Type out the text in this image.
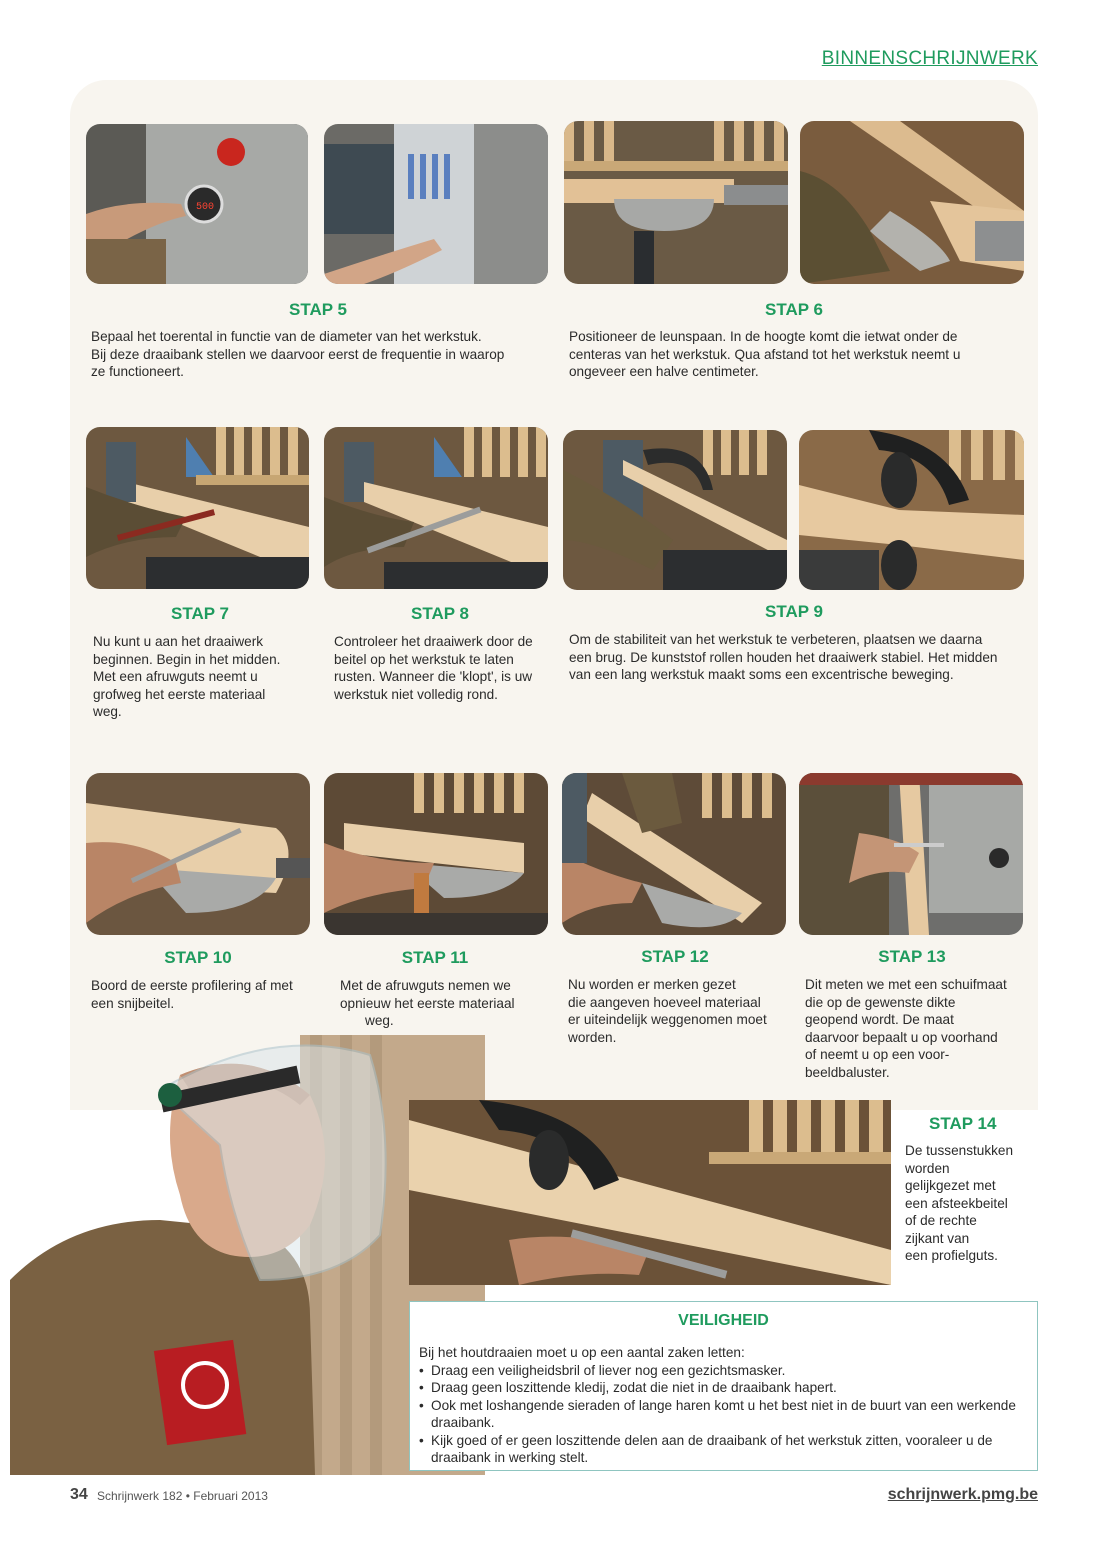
BINNENSCHRIJNWERK
500
STAP 5

Bepaal het toerental in functie van de diameter van het werkstuk.

Bij deze draaibank stellen we daarvoor eerst de frequentie in waarop

ze functioneert.

STAP 6

Positioneer de leunspaan. In de hoogte komt die ietwat onder de

centeras van het werkstuk. Qua afstand tot het werkstuk neemt u

ongeveer een halve centimeter.

STAP 7

Nu kunt u aan het draaiwerk

beginnen. Begin in het midden.

Met een afruwguts neemt u

grofweg het eerste materiaal

weg.

STAP 8

Controleer het draaiwerk door de

beitel op het werkstuk te laten

rusten. Wanneer die 'klopt', is uw

werkstuk niet volledig rond.

STAP 9

Om de stabiliteit van het werkstuk te verbeteren, plaatsen we daarna

een brug. De kunststof rollen houden het draaiwerk stabiel. Het midden

van een lang werkstuk maakt soms een excentrische beweging.

STAP 10

Boord de eerste profilering af met

een snijbeitel.

STAP 11

Met de afruwguts nemen we

opnieuw het eerste materiaal

weg.

STAP 12

Nu worden er merken gezet

die aangeven hoeveel materiaal

er uiteindelijk weggenomen moet

worden.

STAP 13

Dit meten we met een schuifmaat

die op de gewenste dikte

geopend wordt. De maat

daarvoor bepaalt u op voorhand

of neemt u op een voor-

beeldbaluster.

STAP 14

De tussenstukken

worden

gelijkgezet met

een afsteekbeitel

of de rechte

zijkant van

een profielguts.

VEILIGHEID
Bij het houtdraaien moet u op een aantal zaken letten:
• Draag een veiligheidsbril of liever nog een gezichtsmasker.
• Draag geen loszittende kledij, zodat die niet in de draaibank hapert.
• Ook met loshangende sieraden of lange haren komt u het best niet in de buurt van een werkende draaibank.
• Kijk goed of er geen loszittende delen aan de draaibank of het werkstuk zitten, vooraleer u de draaibank in werking stelt.
34 Schrijnwerk 182 • Februari 2013	schrijnwerk.pmg.be
